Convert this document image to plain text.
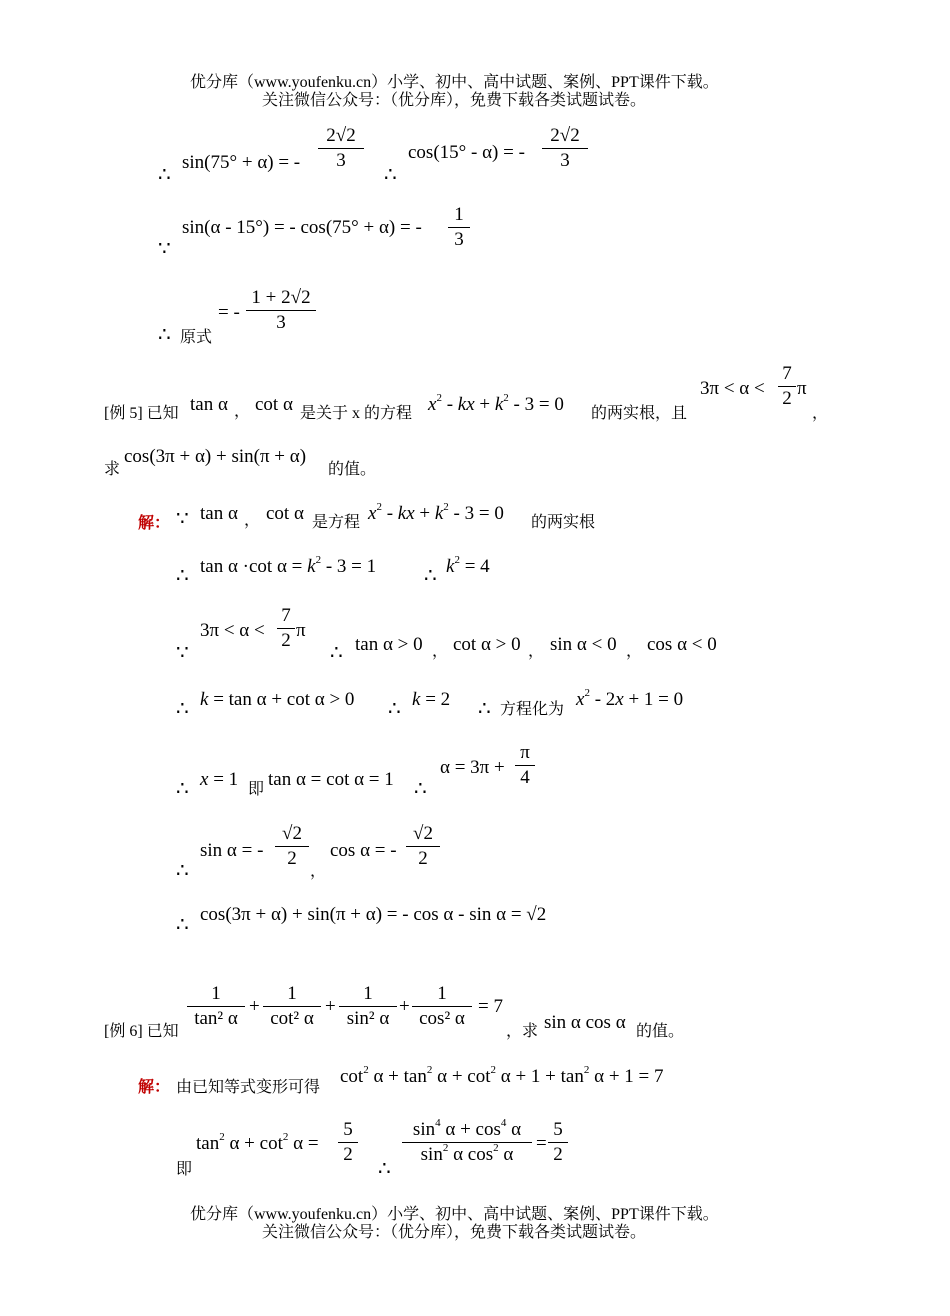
优分库（www.youfenku.cn）小学、初中、高中试题、案例、PPT课件下载。
关注微信公众号：（优分库），免费下载各类试题试卷。
∴
sin(75° + α) = -
2√2
3
∴
cos(15° - α) = -
2√2
3
∵
sin(α - 15°) = - cos(75° + α) = -
1
3
∴ 原式
= -
1 + 2√2
3
[例 5] 已知 tan α ， cot α 是关于 x 的方程 $x^2$ - kx + $k^2 - 3 = 0$ 的两实根，且
3π < α <
7
2 π
，
求
cos(3π + α) + sin(π + α)
的值。
解： ∵ tan α ， cot α 是方程 $x^2$ - kx + $k^2 - 3 = 0$ 的两实根
∴ tan α ·cot $\alpha = k^2 - 3 = 1$ ∴ $k^2 = 4$
∵
3π < α <
7
2 π
∴ tan α > 0 ， cot α > 0 ， sin α < 0 ， cos α < 0
∴ k = tan α + cot α > 0 ∴ k = 2 ∴ 方程化为 $x^2 - 2x + 1 = 0$
∴ x = 1 即 tan α = cot α = 1 ∴
α = 3π +
π
4
∴
sin α = -
√2
2
，
cos α = -
√2
2
∴ cos(3π + α) + sin(π + α) = - cos α - sin α = √2
[例 6] 已知
1
tan² α
+
1
cot² α
+
1
sin² α
+
1
cos² α
= 7
，求 sin α cos α 的值。
解： 由已知等式变形可得
$\cot^2 \alpha + \tan^2 \alpha + \cot^2 \alpha + 1 + \tan^2 \alpha + 1 = 7$
即
$\tan^2 \alpha + \cot^2 \alpha$ =
5
2
∴
$\sin^4 \alpha + \cos^4 \alpha$
$\sin^2 \alpha$ $\cos^2 \alpha$
=
5
2
优分库（www.youfenku.cn）小学、初中、高中试题、案例、PPT课件下载。
关注微信公众号：（优分库），免费下载各类试题试卷。
